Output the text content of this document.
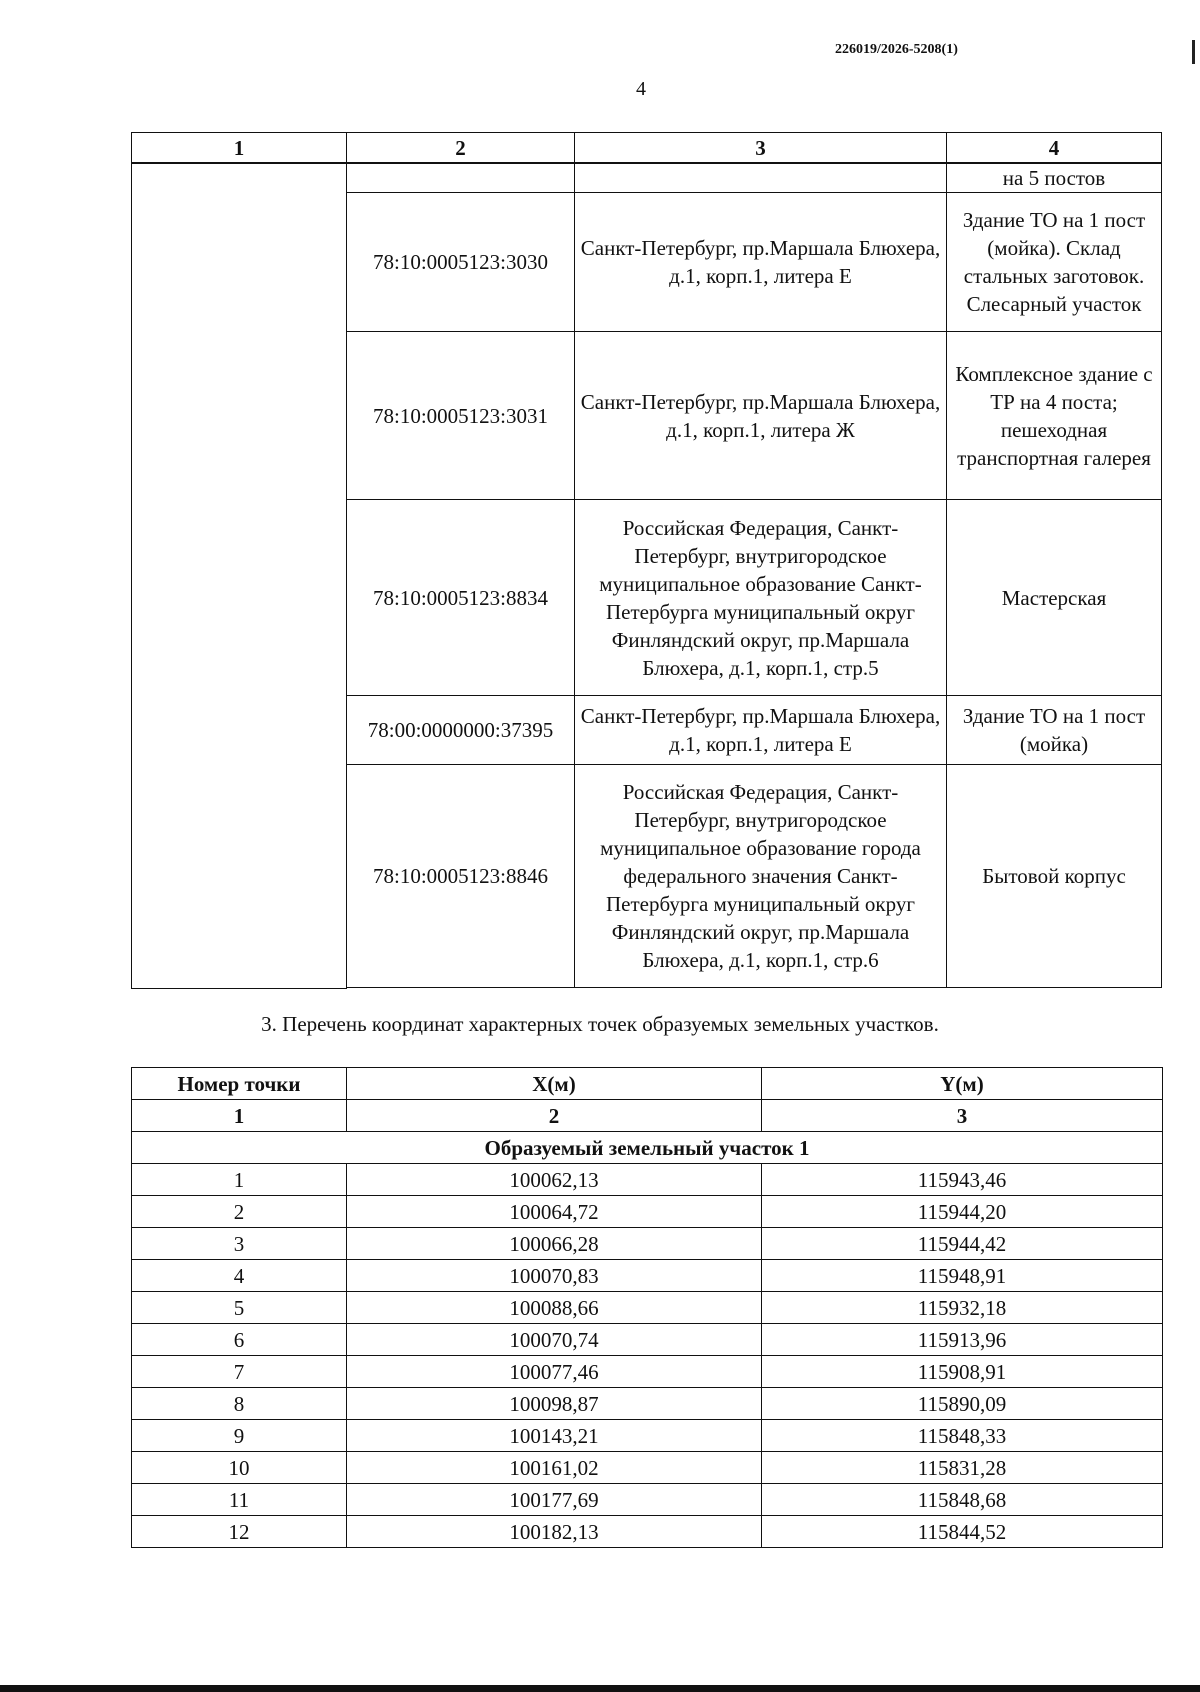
226019/2026-5208(1)
4
1	2	3	4
			на 5 постов
	78:10:0005123:3030	Санкт-Петербург, пр.Маршала Блюхера, д.1, корп.1, литера Е	Здание ТО на 1 пост (мойка). Склад стальных заготовок. Слесарный участок
	78:10:0005123:3031	Санкт-Петербург, пр.Маршала Блюхера, д.1, корп.1, литера Ж	Комплексное здание с ТР на 4 поста; пешеходная транспортная галерея
	78:10:0005123:8834	Российская Федерация, Санкт-Петербург, внутригородское муниципальное образование Санкт-Петербурга муниципальный округ Финляндский округ, пр.Маршала Блюхера, д.1, корп.1, стр.5	Мастерская
	78:00:0000000:37395	Санкт-Петербург, пр.Маршала Блюхера, д.1, корп.1, литера Е	Здание ТО на 1 пост (мойка)
	78:10:0005123:8846	Российская Федерация, Санкт-Петербург, внутригородское муниципальное образование города федерального значения Санкт-Петербурга муниципальный округ Финляндский округ, пр.Маршала Блюхера, д.1, корп.1, стр.6	Бытовой корпус

3. Перечень координат характерных точек образуемых земельных участков.
Номер точки	X(м)	Y(м)
1	2	3
Образуемый земельный участок 1		
1	100062,13	115943,46
2	100064,72	115944,20
3	100066,28	115944,42
4	100070,83	115948,91
5	100088,66	115932,18
6	100070,74	115913,96
7	100077,46	115908,91
8	100098,87	115890,09
9	100143,21	115848,33
10	100161,02	115831,28
11	100177,69	115848,68
12	100182,13	115844,52
